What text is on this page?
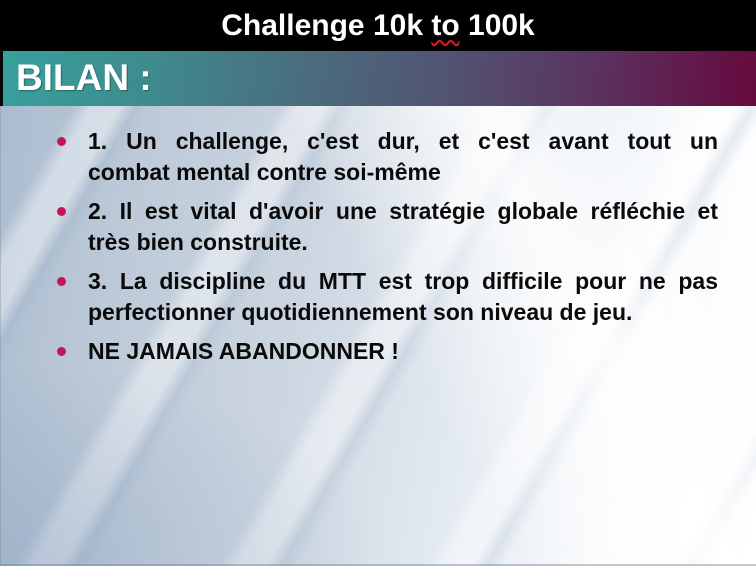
Challenge 10k to 100k
BILAN :
1. Un challenge, c'est dur, et c'est avant tout un
combat mental contre soi-même
2. Il est vital d'avoir une stratégie globale réfléchie et
très bien construite.
3. La discipline du MTT est trop difficile pour ne pas
perfectionner quotidiennement son niveau de jeu.
NE JAMAIS ABANDONNER !
